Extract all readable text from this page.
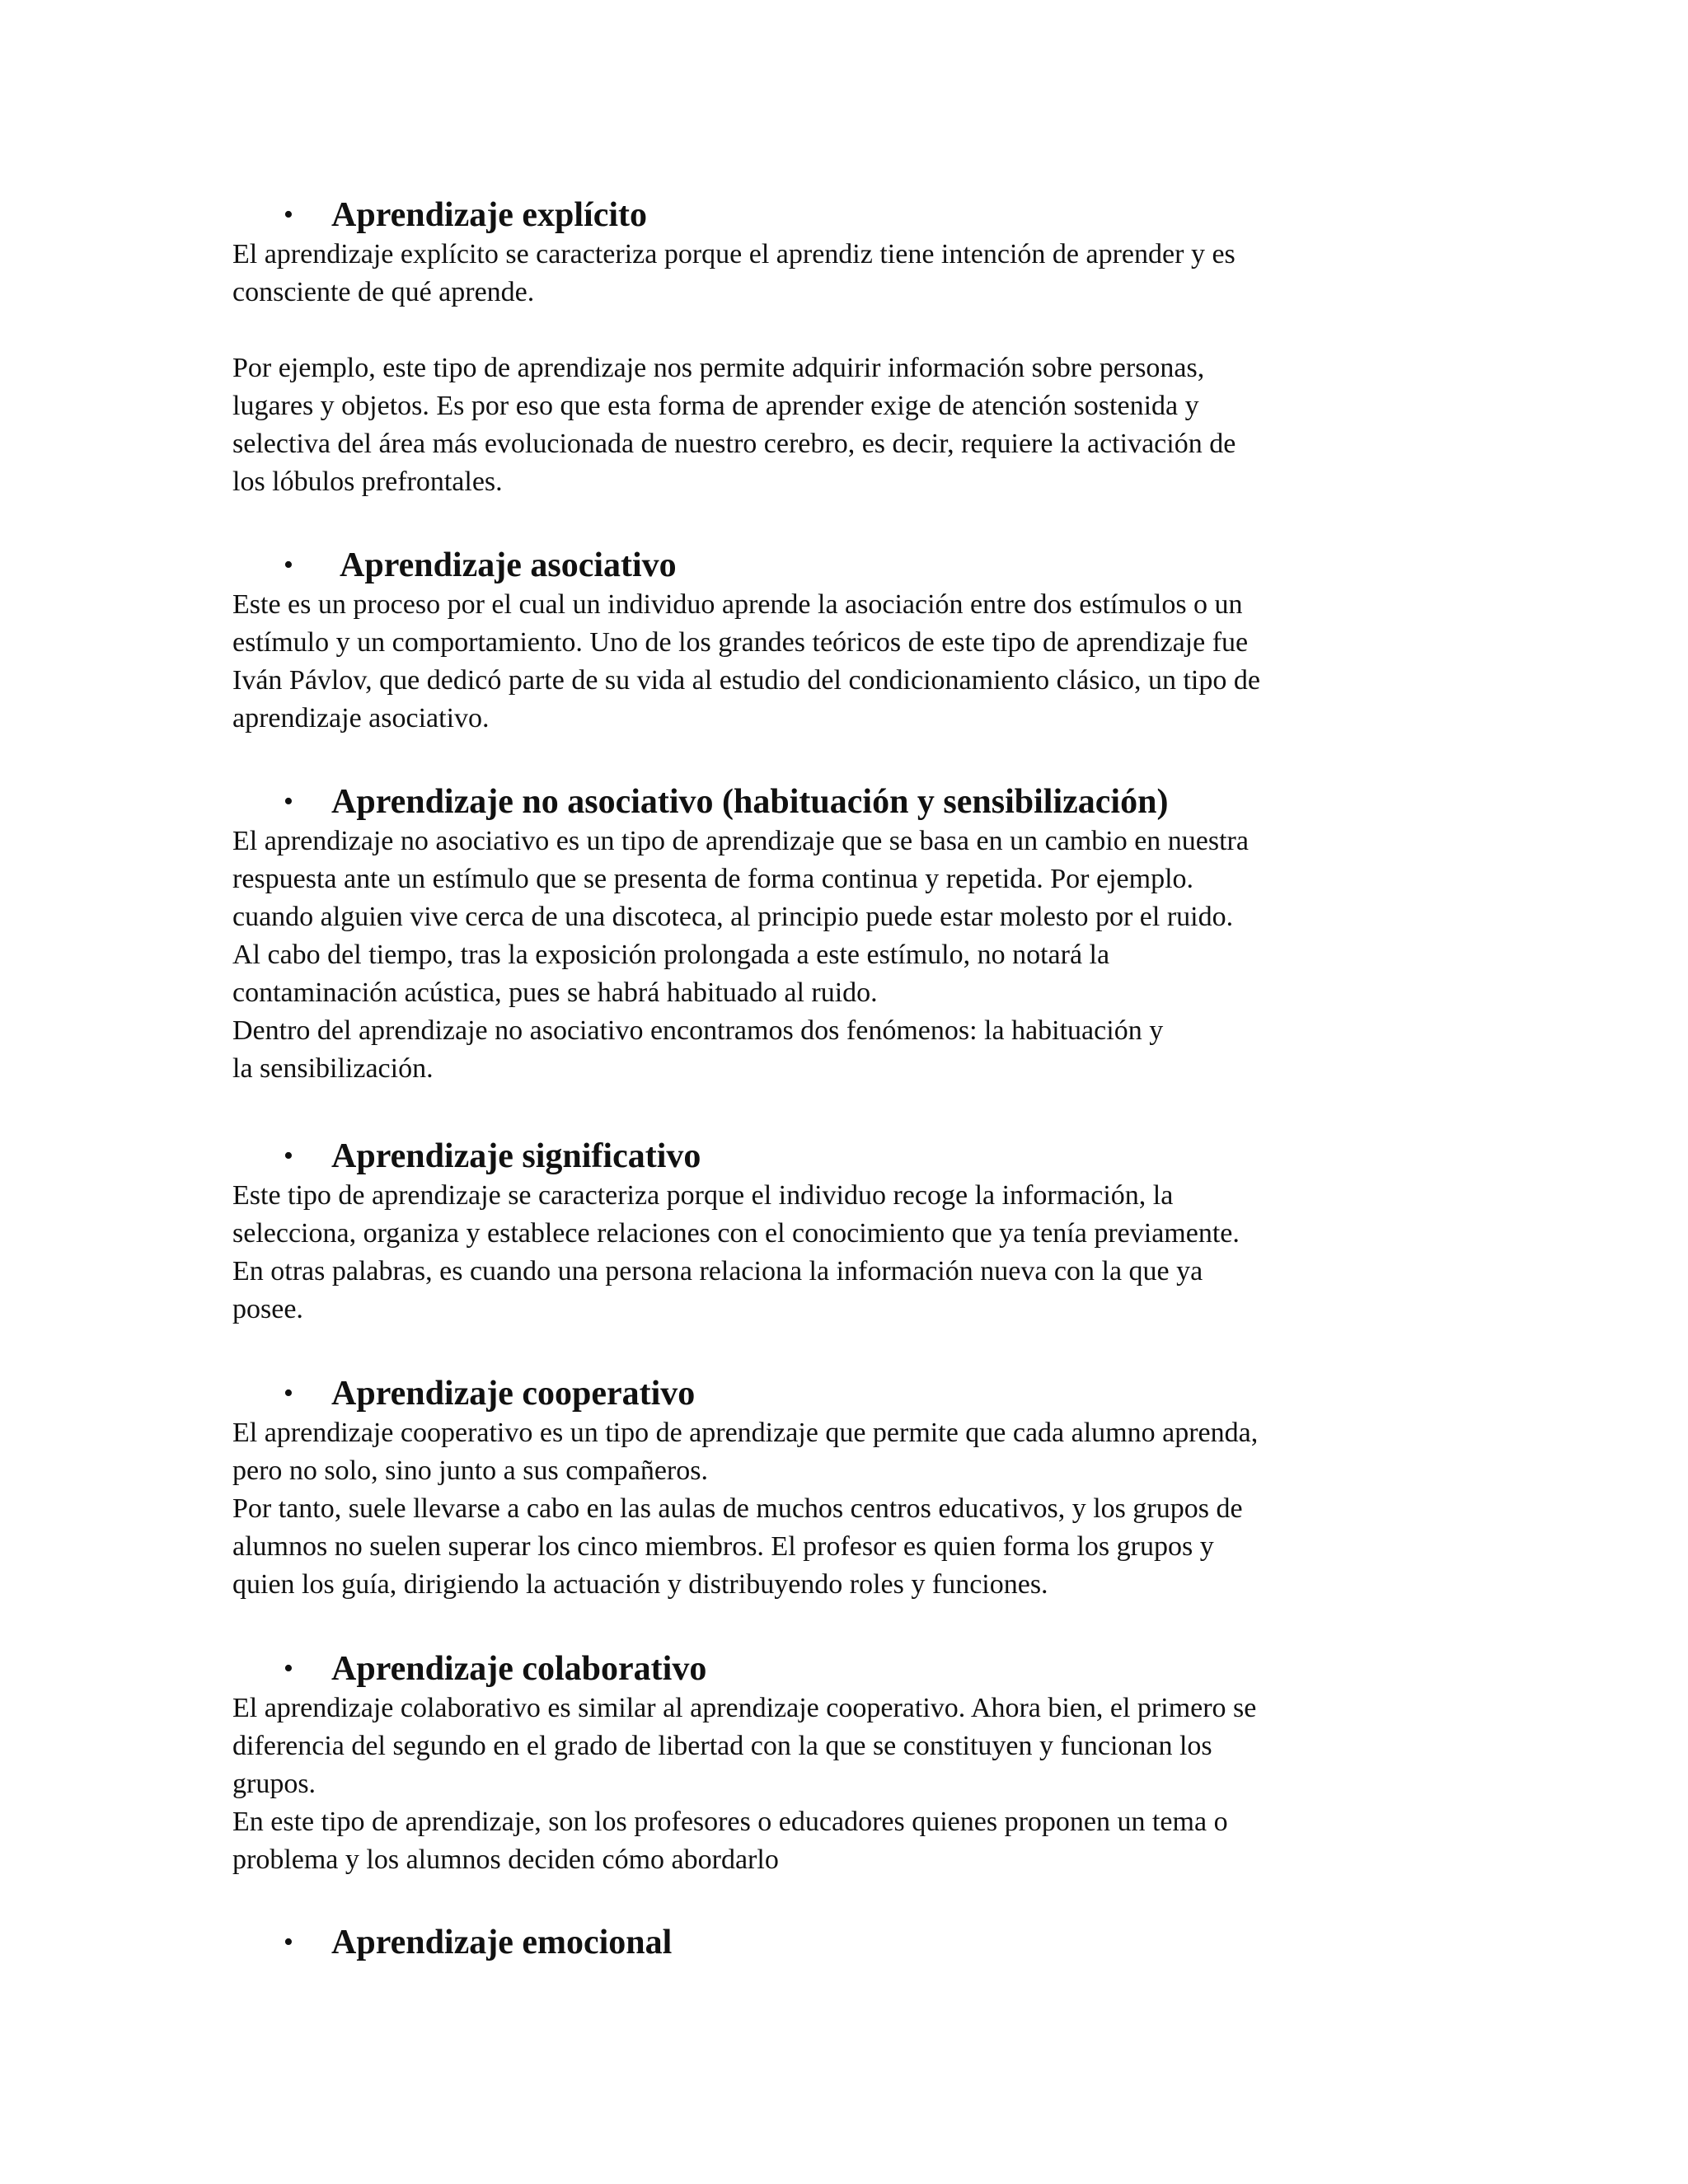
• Aprendizaje explícito

El aprendizaje explícito se caracteriza porque el aprendiz tiene intención de aprender y es
consciente de qué aprende.

Por ejemplo, este tipo de aprendizaje nos permite adquirir información sobre personas,
lugares y objetos. Es por eso que esta forma de aprender exige de atención sostenida y
selectiva del área más evolucionada de nuestro cerebro, es decir, requiere la activación de
los lóbulos prefrontales.

• Aprendizaje asociativo

Este es un proceso por el cual un individuo aprende la asociación entre dos estímulos o un
estímulo y un comportamiento. Uno de los grandes teóricos de este tipo de aprendizaje fue
Iván Pávlov, que dedicó parte de su vida al estudio del condicionamiento clásico, un tipo de
aprendizaje asociativo.

• Aprendizaje no asociativo (habituación y sensibilización)

El aprendizaje no asociativo es un tipo de aprendizaje que se basa en un cambio en nuestra
respuesta ante un estímulo que se presenta de forma continua y repetida. Por ejemplo.
cuando alguien vive cerca de una discoteca, al principio puede estar molesto por el ruido.
Al cabo del tiempo, tras la exposición prolongada a este estímulo, no notará la
contaminación acústica, pues se habrá habituado al ruido.
Dentro del aprendizaje no asociativo encontramos dos fenómenos: la habituación y
la sensibilización.

• Aprendizaje significativo

Este tipo de aprendizaje se caracteriza porque el individuo recoge la información, la
selecciona, organiza y establece relaciones con el conocimiento que ya tenía previamente.
En otras palabras, es cuando una persona relaciona la información nueva con la que ya
posee.

• Aprendizaje cooperativo

El aprendizaje cooperativo es un tipo de aprendizaje que permite que cada alumno aprenda,
pero no solo, sino junto a sus compañeros.
Por tanto, suele llevarse a cabo en las aulas de muchos centros educativos, y los grupos de
alumnos no suelen superar los cinco miembros. El profesor es quien forma los grupos y
quien los guía, dirigiendo la actuación y distribuyendo roles y funciones.

• Aprendizaje colaborativo

El aprendizaje colaborativo es similar al aprendizaje cooperativo. Ahora bien, el primero se
diferencia del segundo en el grado de libertad con la que se constituyen y funcionan los
grupos.
En este tipo de aprendizaje, son los profesores o educadores quienes proponen un tema o
problema y los alumnos deciden cómo abordarlo

• Aprendizaje emocional
